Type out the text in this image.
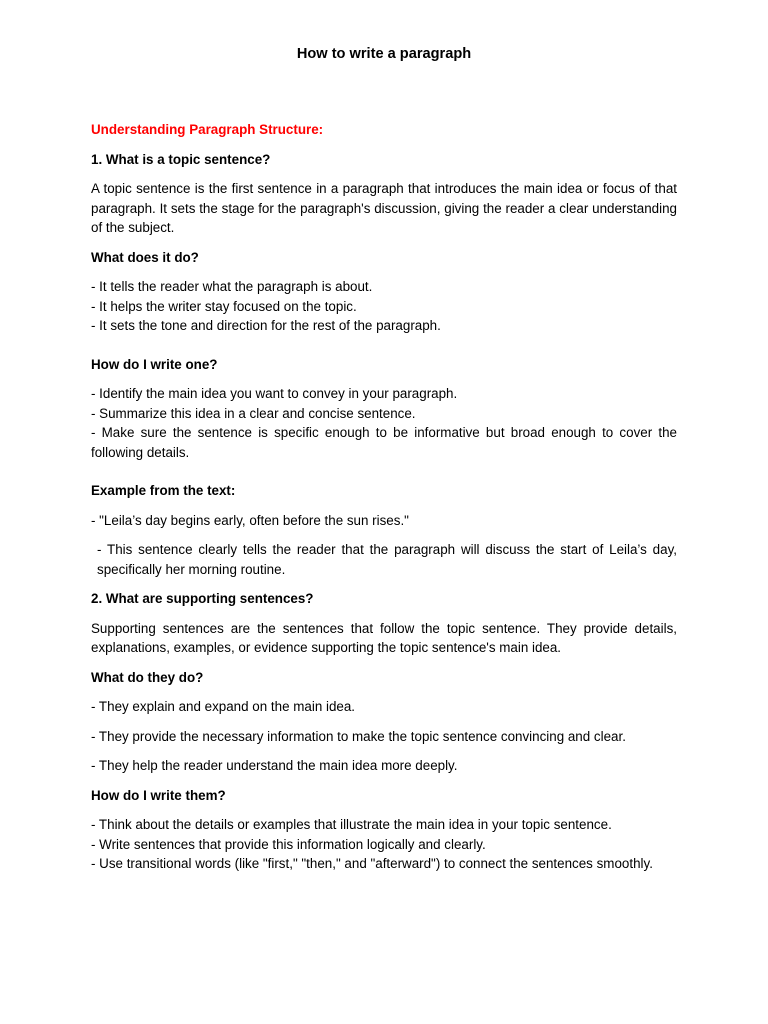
How to write a paragraph

Understanding Paragraph Structure:

1. What is a topic sentence?

A topic sentence is the first sentence in a paragraph that introduces the main idea or focus of that paragraph. It sets the stage for the paragraph's discussion, giving the reader a clear understanding of the subject.

What does it do?

- It tells the reader what the paragraph is about.

- It helps the writer stay focused on the topic.

- It sets the tone and direction for the rest of the paragraph.

How do I write one?

- Identify the main idea you want to convey in your paragraph.

- Summarize this idea in a clear and concise sentence.

- Make sure the sentence is specific enough to be informative but broad enough to cover the following details.

Example from the text:

- "Leila’s day begins early, often before the sun rises."

- This sentence clearly tells the reader that the paragraph will discuss the start of Leila’s day, specifically her morning routine.

2. What are supporting sentences?

Supporting sentences are the sentences that follow the topic sentence. They provide details, explanations, examples, or evidence supporting the topic sentence's main idea.

What do they do?

- They explain and expand on the main idea.

- They provide the necessary information to make the topic sentence convincing and clear.

- They help the reader understand the main idea more deeply.

How do I write them?

- Think about the details or examples that illustrate the main idea in your topic sentence.

- Write sentences that provide this information logically and clearly.

- Use transitional words (like "first," "then," and "afterward") to connect the sentences smoothly.
